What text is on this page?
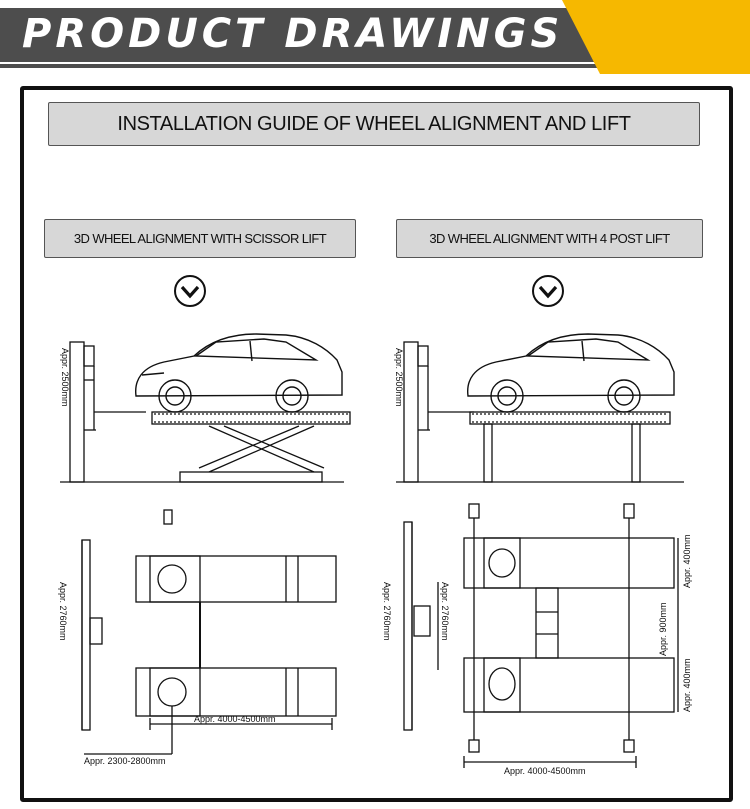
PRODUCT DRAWINGS
INSTALLATION GUIDE OF WHEEL ALIGNMENT AND LIFT
3D WHEEL ALIGNMENT WITH SCISSOR LIFT	3D WHEEL ALIGNMENT WITH 4 POST LIFT
Appr. 2500mm
Appr. 2760mm
Appr. 4000-4500mm
Appr. 2300-2800mm
Appr. 2500mm
Appr. 2760mm	Appr. 2760mm
Appr. 400mm
Appr. 900mm
Appr. 400mm
Appr. 4000-4500mm
